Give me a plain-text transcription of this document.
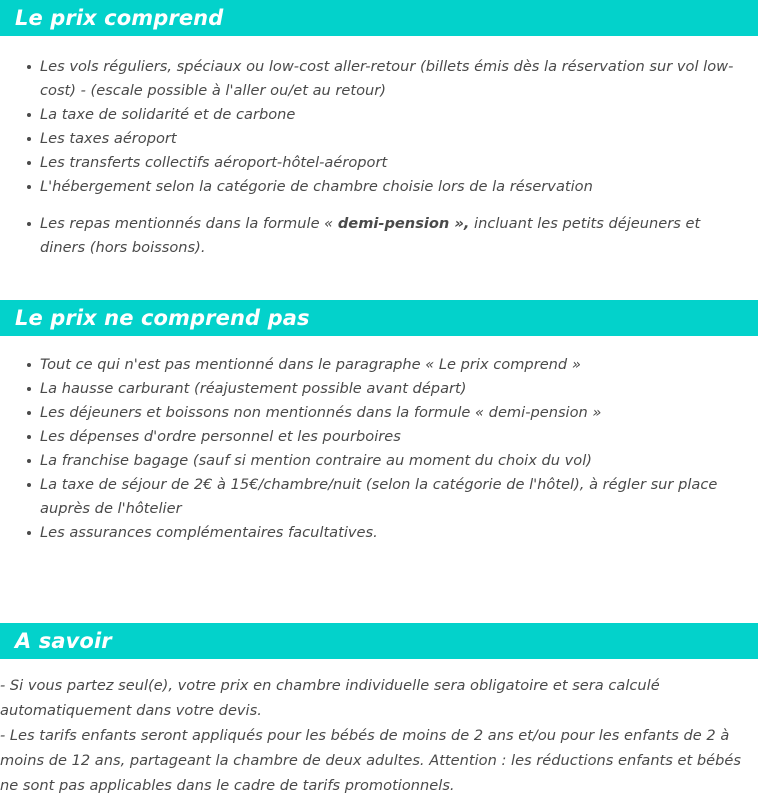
Le prix comprend
Les vols réguliers, spéciaux ou low-cost aller-retour (billets émis dès la réservation sur vol low-cost) - (escale possible à l'aller ou/et au retour)
La taxe de solidarité et de carbone
Les taxes aéroport
Les transferts collectifs aéroport-hôtel-aéroport
L'hébergement selon la catégorie de chambre choisie lors de la réservation
Les repas mentionnés dans la formule « demi-pension », incluant les petits déjeuners et diners (hors boissons).
Le prix ne comprend pas
Tout ce qui n'est pas mentionné dans le paragraphe « Le prix comprend »
La hausse carburant (réajustement possible avant départ)
Les déjeuners et boissons non mentionnés dans la formule « demi-pension »
Les dépenses d'ordre personnel et les pourboires
La franchise bagage (sauf si mention contraire au moment du choix du vol)
La taxe de séjour de 2€ à 15€/chambre/nuit (selon la catégorie de l'hôtel), à régler sur place auprès de l'hôtelier
Les assurances complémentaires facultatives.
A savoir

- Si vous partez seul(e), votre prix en chambre individuelle sera obligatoire et sera calculé automatiquement dans votre devis.

- Les tarifs enfants seront appliqués pour les bébés de moins de 2 ans et/ou pour les enfants de 2 à moins de 12 ans, partageant la chambre de deux adultes. Attention : les réductions enfants et bébés ne sont pas applicables dans le cadre de tarifs promotionnels.
